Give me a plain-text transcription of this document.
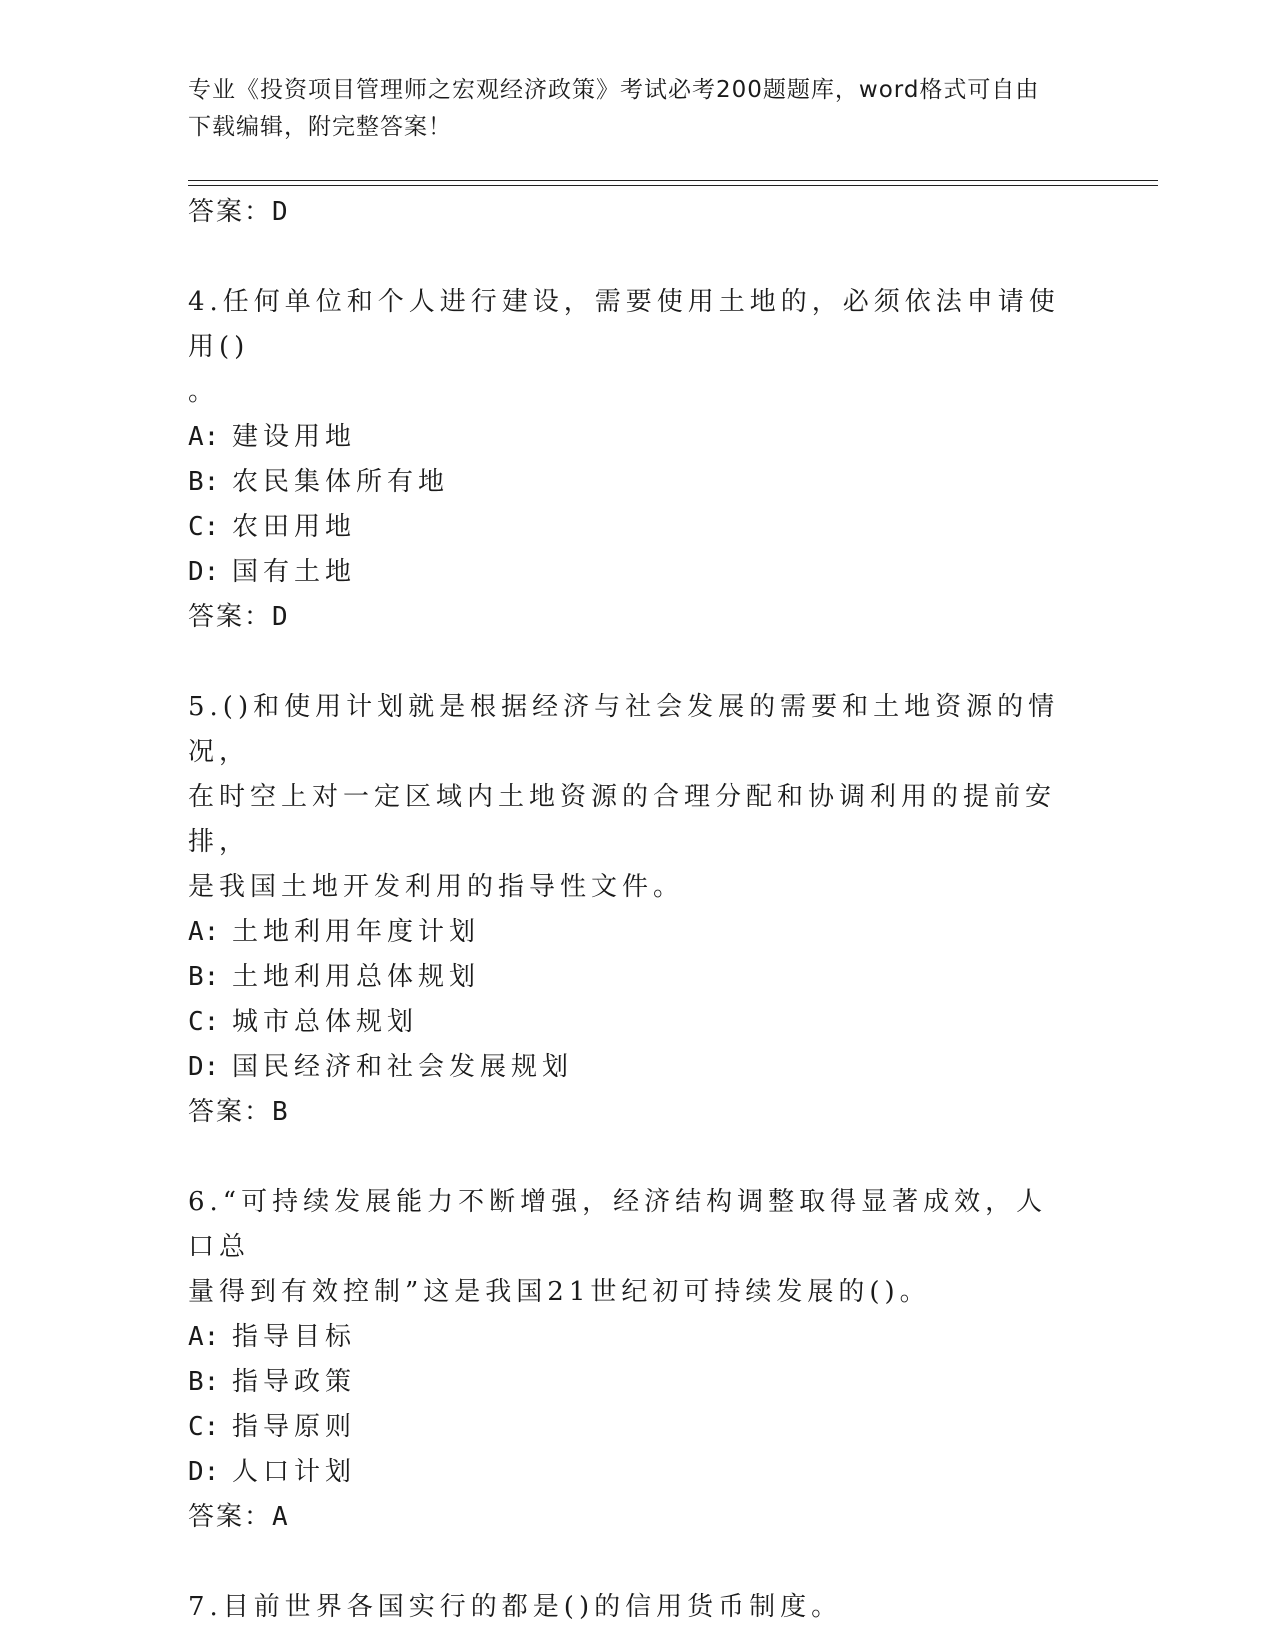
专业《投资项目管理师之宏观经济政策》考试必考200题题库，word格式可自由
下载编辑，附完整答案！

答案：D

4.任何单位和个人进行建设，需要使用土地的，必须依法申请使用()

。

A: 建设用地

B: 农民集体所有地

C: 农田用地

D: 国有土地

答案：D

5.()和使用计划就是根据经济与社会发展的需要和土地资源的情况，

在时空上对一定区域内土地资源的合理分配和协调利用的提前安排，

是我国土地开发利用的指导性文件。

A: 土地利用年度计划

B: 土地利用总体规划

C: 城市总体规划

D: 国民经济和社会发展规划

答案：B

6.“可持续发展能力不断增强，经济结构调整取得显著成效，人口总

量得到有效控制”这是我国21世纪初可持续发展的()。

A: 指导目标

B: 指导政策

C: 指导原则

D: 人口计划

答案：A

7.目前世界各国实行的都是()的信用货币制度。
